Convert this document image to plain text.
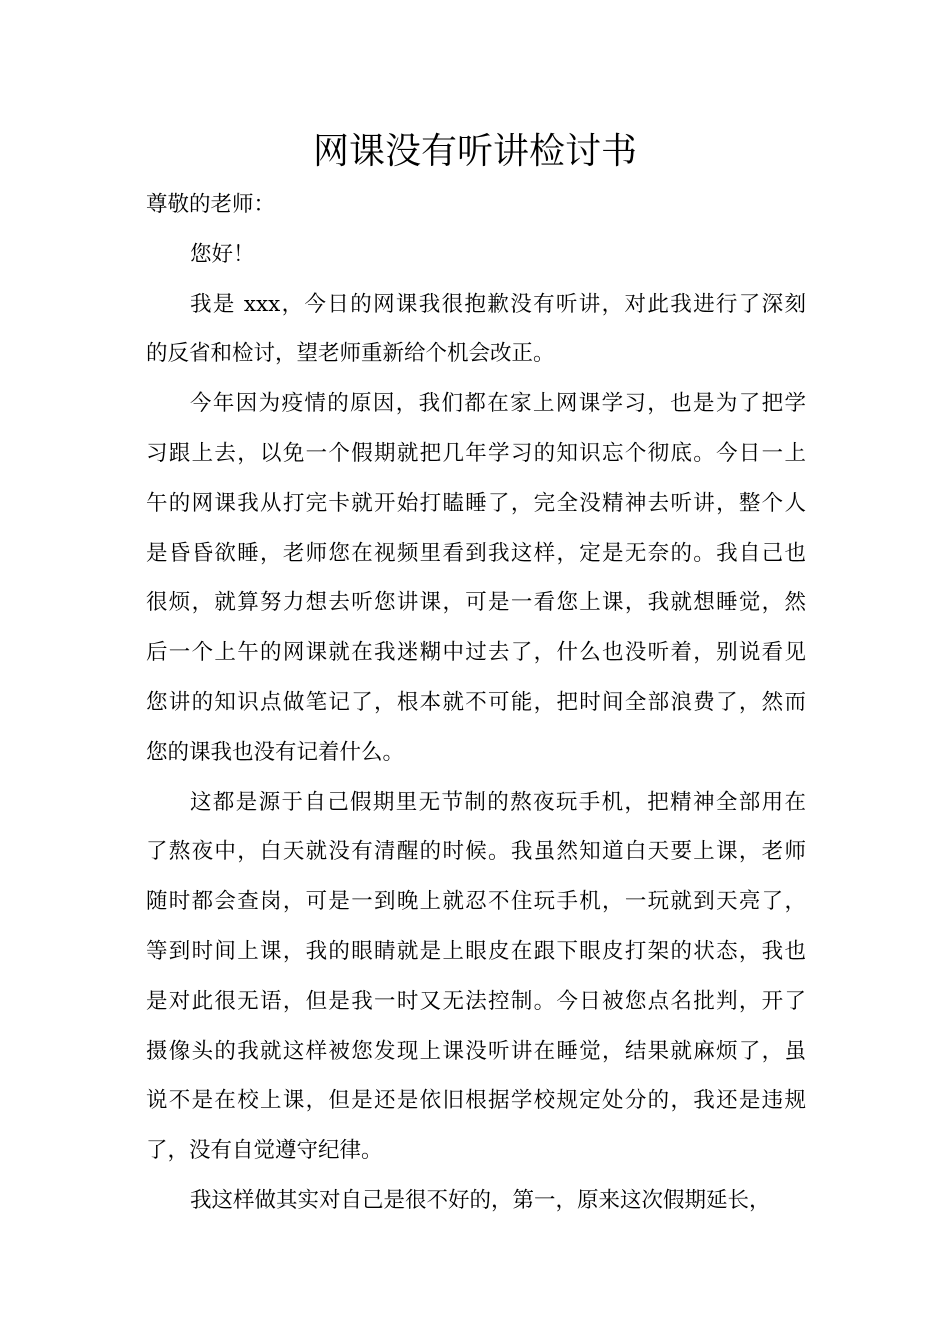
网课没有听讲检讨书
尊敬的老师：
您好！
我是 xxx，今日的网课我很抱歉没有听讲，对此我进行了深刻
的反省和检讨，望老师重新给个机会改正。
今年因为疫情的原因，我们都在家上网课学习，也是为了把学
习跟上去，以免一个假期就把几年学习的知识忘个彻底。今日一上
午的网课我从打完卡就开始打瞌睡了，完全没精神去听讲，整个人
是昏昏欲睡，老师您在视频里看到我这样，定是无奈的。我自己也
很烦，就算努力想去听您讲课，可是一看您上课，我就想睡觉，然
后一个上午的网课就在我迷糊中过去了，什么也没听着，别说看见
您讲的知识点做笔记了，根本就不可能，把时间全部浪费了，然而
您的课我也没有记着什么。
这都是源于自己假期里无节制的熬夜玩手机，把精神全部用在
了熬夜中，白天就没有清醒的时候。我虽然知道白天要上课，老师
随时都会查岗，可是一到晚上就忍不住玩手机，一玩就到天亮了，
等到时间上课，我的眼睛就是上眼皮在跟下眼皮打架的状态，我也
是对此很无语，但是我一时又无法控制。今日被您点名批判，开了
摄像头的我就这样被您发现上课没听讲在睡觉，结果就麻烦了，虽
说不是在校上课，但是还是依旧根据学校规定处分的，我还是违规
了，没有自觉遵守纪律。
我这样做其实对自己是很不好的，第一，原来这次假期延长，
